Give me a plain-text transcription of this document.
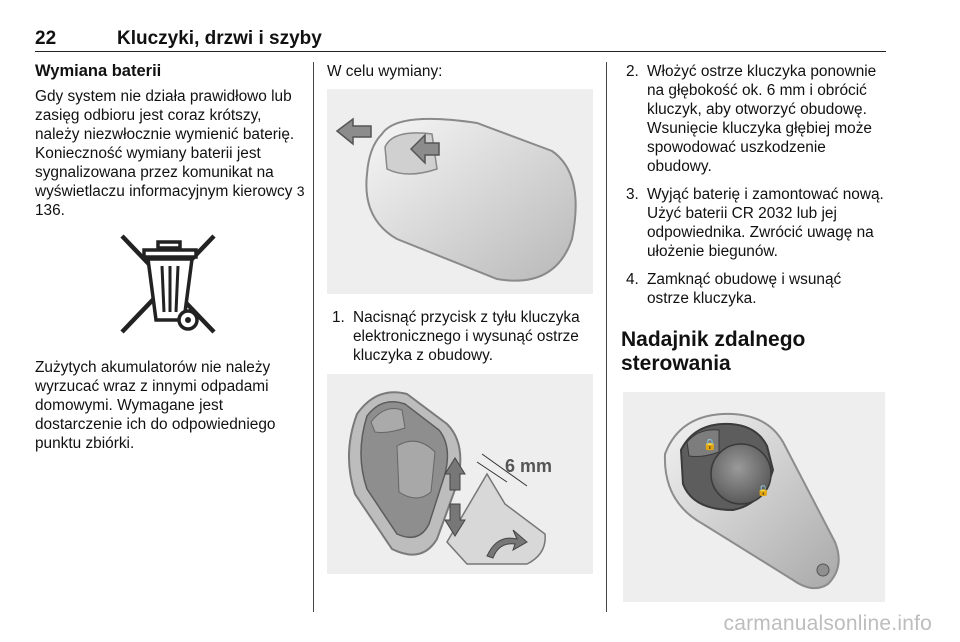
22	Kluczyki, drzwi i szyby
Wymiana baterii

Gdy system nie działa prawidłowo lub zasięg odbioru jest coraz krótszy, należy niezwłocznie wymienić baterię. Konieczność wymiany baterii jest sygnalizowana przez komunikat na wyświetlaczu informacyjnym kierowcy 3 136.

Zużytych akumulatorów nie należy wyrzucać wraz z innymi odpadami domowymi. Wymagane jest dostarczenie ich do odpowiedniego punktu zbiórki.

W celu wymiany:

1. Nacisnąć przycisk z tyłu kluczyka elektronicznego i wysunąć ostrze kluczyka z obudowy.
6 mm
2. Włożyć ostrze kluczyka ponownie na głębokość ok. 6 mm i obrócić kluczyk, aby otworzyć obudowę. Wsunięcie kluczyka głębiej może spowodować uszkodzenie obudowy.
3. Wyjąć baterię i zamontować nową. Użyć baterii CR 2032 lub jej odpowiednika. Zwrócić uwagę na ułożenie biegunów.
4. Zamknąć obudowę i wsunąć ostrze kluczyka.
Nadajnik zdalnego sterowania
🔒
🔓
carmanualsonline.info
